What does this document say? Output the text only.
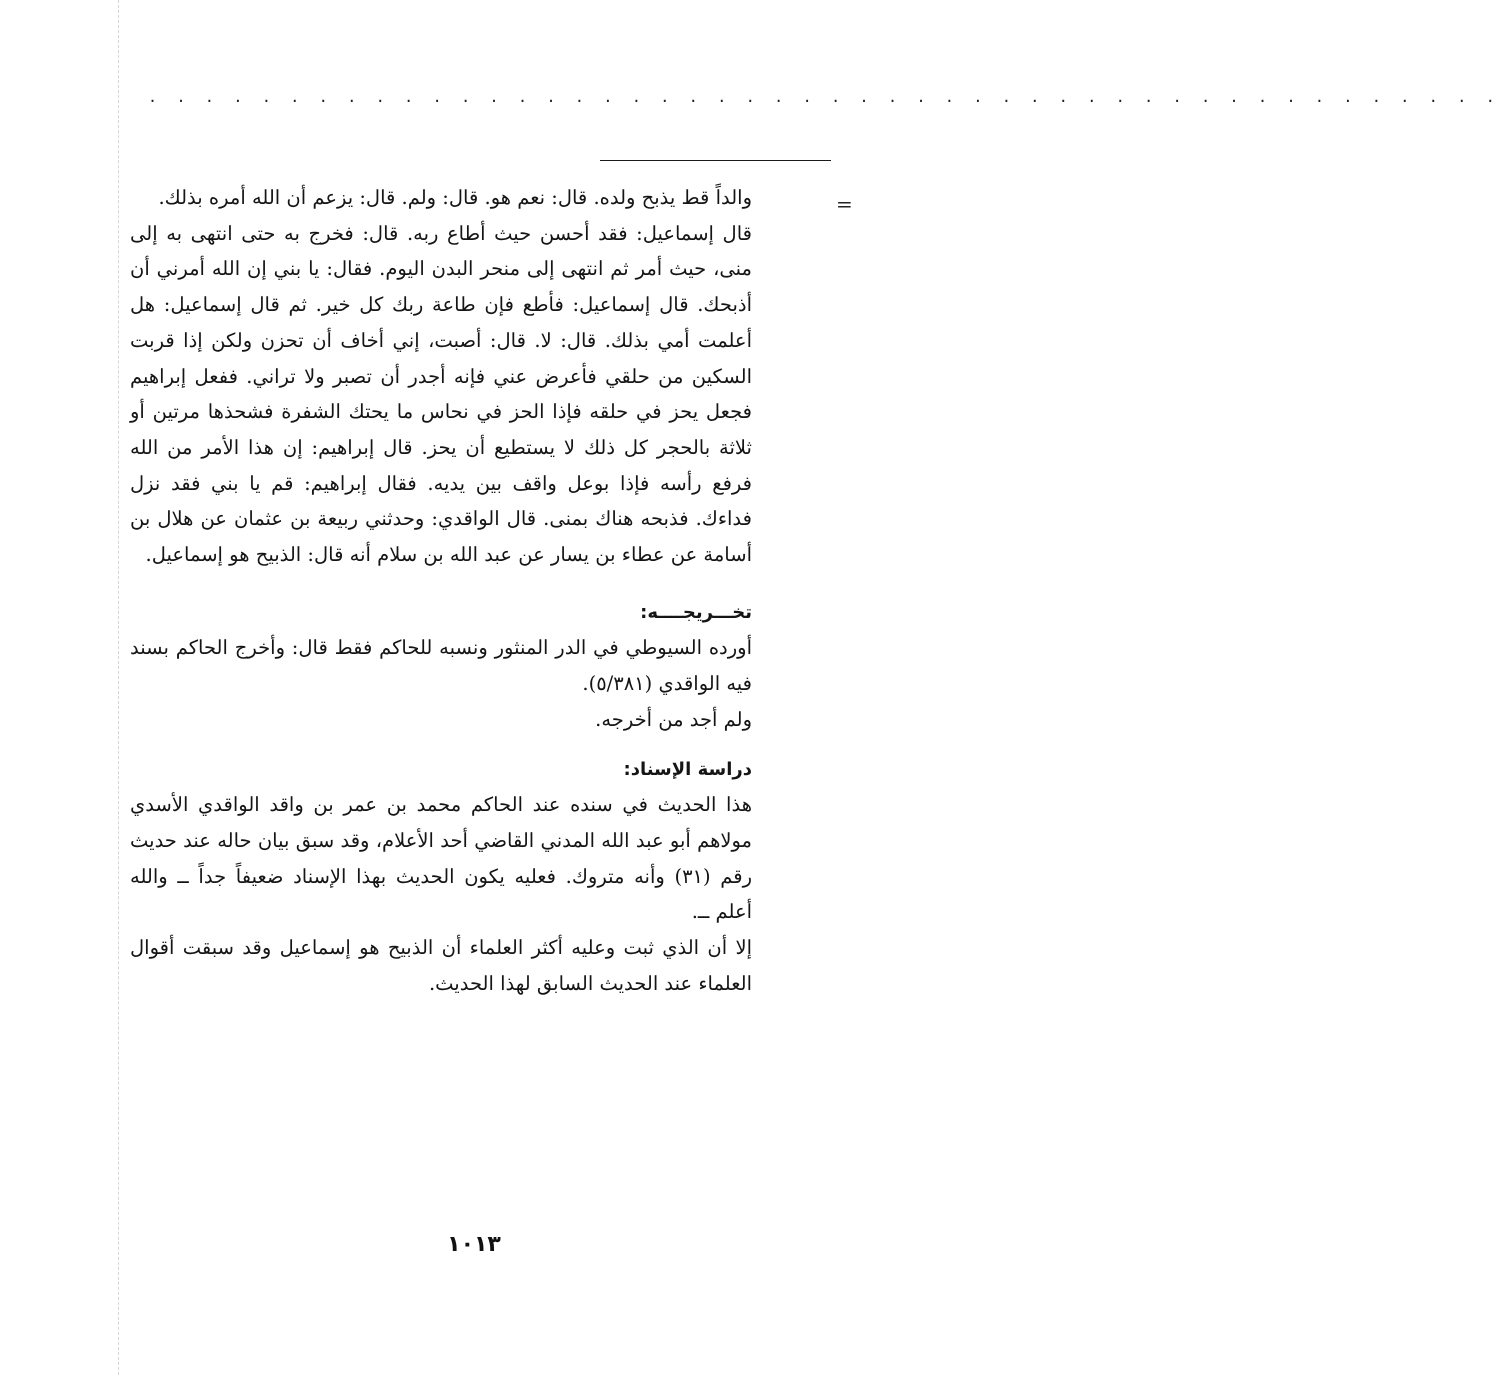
. . . . . . . . . . . . . . . . . . . . . . . . . . . . . . . . . . . . . . . . . . . . . . . .
=

والداً قط يذبح ولده. قال: نعم هو. قال: ولم. قال: يزعم أن الله أمره بذلك.

قال إسماعيل: فقد أحسن حيث أطاع ربه. قال: فخرج به حتى انتهى به إلى منى، حيث أمر ثم انتهى إلى منحر البدن اليوم. فقال: يا بني إن الله أمرني أن أذبحك. قال إسماعيل: فأطع فإن طاعة ربك كل خير. ثم قال إسماعيل: هل أعلمت أمي بذلك. قال: لا. قال: أصبت، إني أخاف أن تحزن ولكن إذا قربت السكين من حلقي فأعرض عني فإنه أجدر أن تصبر ولا تراني. ففعل إبراهيم فجعل يحز في حلقه فإذا الحز في نحاس ما يحتك الشفرة فشحذها مرتين أو ثلاثة بالحجر كل ذلك لا يستطيع أن يحز. قال إبراهيم: إن هذا الأمر من الله فرفع رأسه فإذا بوعل واقف بين يديه. فقال إبراهيم: قم يا بني فقد نزل فداءك. فذبحه هناك بمنى. قال الواقدي: وحدثني ربيعة بن عثمان عن هلال بن أسامة عن عطاء بن يسار عن عبد الله بن سلام أنه قال: الذبيح هو إسماعيل.

تخـــريجــــه:

أورده السيوطي في الدر المنثور ونسبه للحاكم فقط قال: وأخرج الحاكم بسند فيه الواقدي (٥/٣٨١).

ولم أجد من أخرجه.

دراسة الإسناد:

هذا الحديث في سنده عند الحاكم محمد بن عمر بن واقد الواقدي الأسدي مولاهم أبو عبد الله المدني القاضي أحد الأعلام، وقد سبق بيان حاله عند حديث رقم (٣١) وأنه متروك. فعليه يكون الحديث بهذا الإسناد ضعيفاً جداً ــ والله أعلم ــ.

إلا أن الذي ثبت وعليه أكثر العلماء أن الذبيح هو إسماعيل وقد سبقت أقوال العلماء عند الحديث السابق لهذا الحديث.

١٠١٣
